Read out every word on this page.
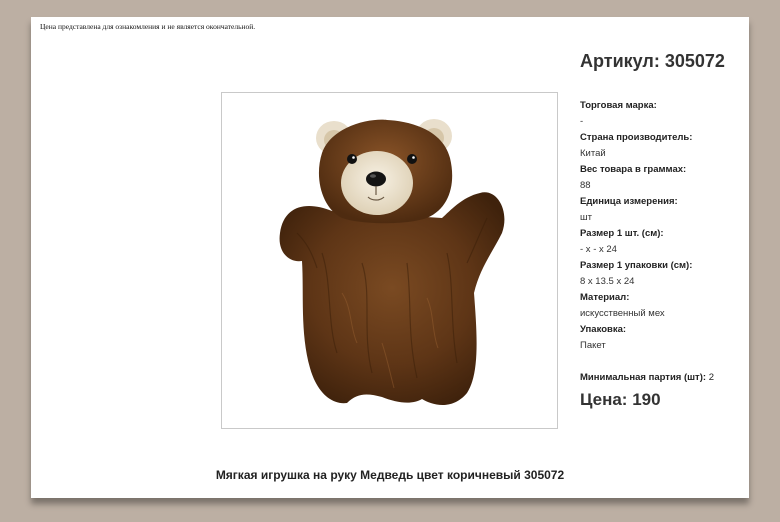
Цена представлена для ознакомления и не является окончательной.
Артикул: 305072
Торговая марка:
-
Страна производитель:
Китай
Вес товара в граммах:
88
Единица измерения:
шт
Размер 1 шт. (см):
- x - x 24
Размер 1 упаковки (см):
8 x 13.5 x 24
Материал:
искусственный мех
Упаковка:
Пакет
Минимальная партия (шт): 2
Цена: 190
Мягкая игрушка на руку Медведь цвет коричневый 305072
